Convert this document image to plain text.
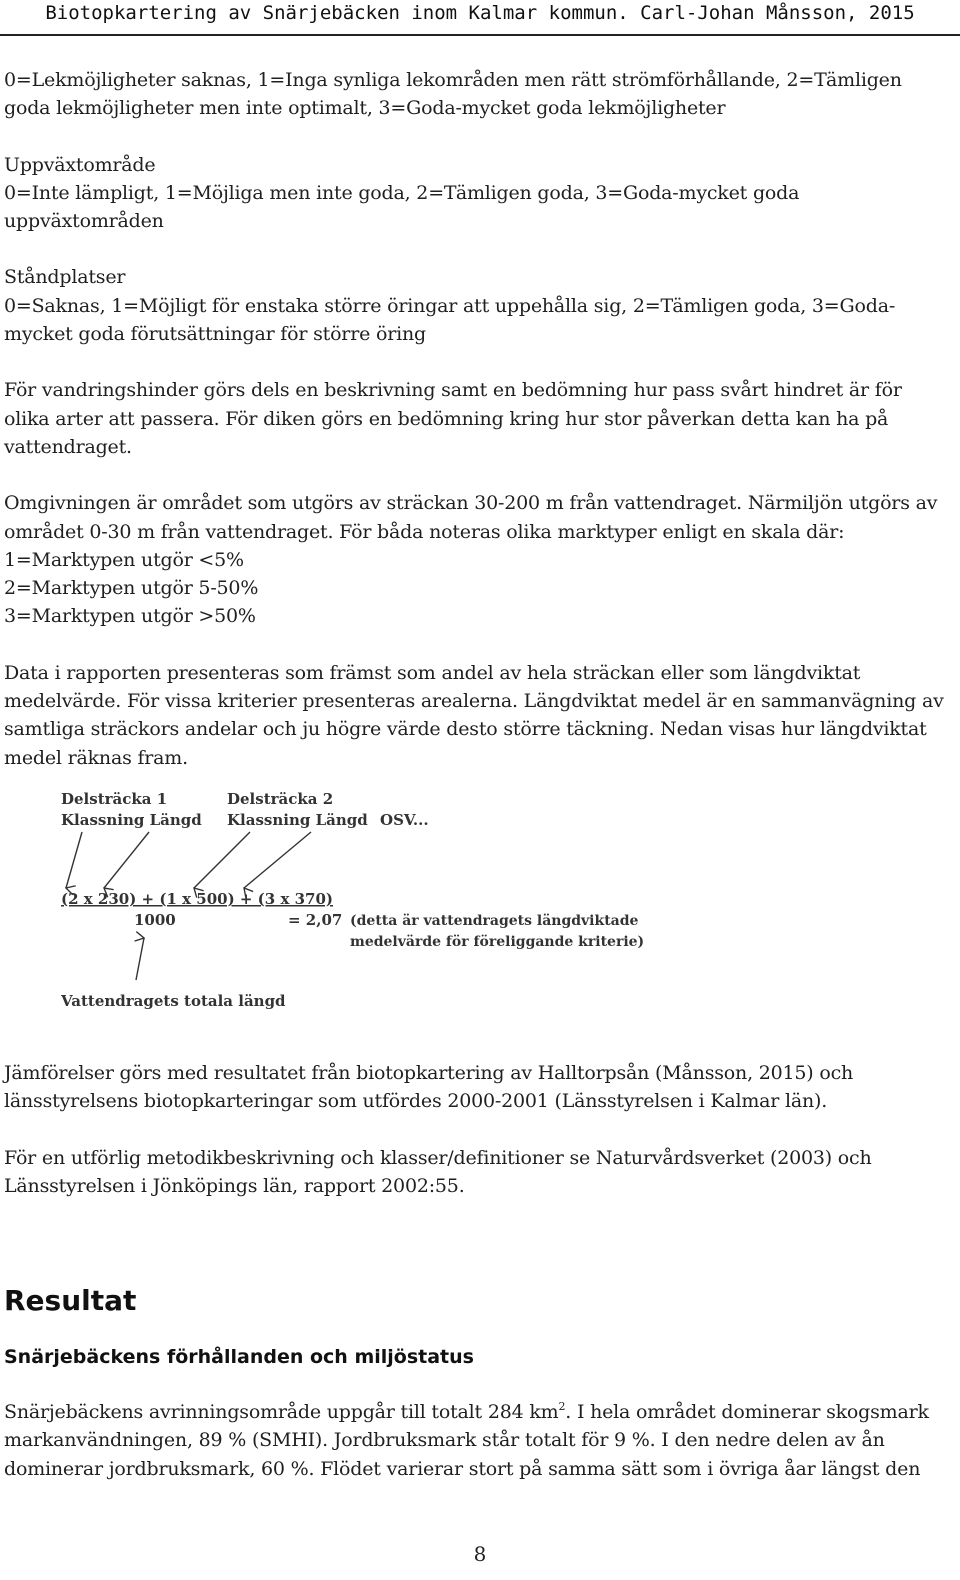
Biotopkartering av Snärjebäcken inom Kalmar kommun. Carl-Johan Månsson, 2015

0=Lekmöjligheter saknas, 1=Inga synliga lekområden men rätt strömförhållande, 2=Tämligen goda lekmöjligheter men inte optimalt, 3=Goda-mycket goda lekmöjligheter

Uppväxtområde

0=Inte lämpligt, 1=Möjliga men inte goda, 2=Tämligen goda, 3=Goda-mycket goda uppväxtområden

Ståndplatser

0=Saknas, 1=Möjligt för enstaka större öringar att uppehålla sig, 2=Tämligen goda, 3=Goda-mycket goda förutsättningar för större öring

För vandringshinder görs dels en beskrivning samt en bedömning hur pass svårt hindret är för olika arter att passera. För diken görs en bedömning kring hur stor påverkan detta kan ha på vattendraget.

Omgivningen är området som utgörs av sträckan 30-200 m från vattendraget. Närmiljön utgörs av området 0-30 m från vattendraget. För båda noteras olika marktyper enligt en skala där:

1=Marktypen utgör <5%

2=Marktypen utgör 5-50%

3=Marktypen utgör >50%

Data i rapporten presenteras som främst som andel av hela sträckan eller som längdviktat medelvärde. För vissa kriterier presenteras arealerna. Längdviktat medel är en sammanvägning av samtliga sträckors andelar och ju högre värde desto större täckning. Nedan visas hur längdviktat medel räknas fram.

Delsträcka 1
Klassning Längd
Delsträcka 2
Klassning Längd OSV...
(2 x 230) + (1 x 500) + (3 x 370)
1000	= 2,07 (detta är vattendragets längdviktade
medelvärde för föreliggande kriterie)
Vattendragets totala längd

Jämförelser görs med resultatet från biotopkartering av Halltorpsån (Månsson, 2015) och länsstyrelsens biotopkarteringar som utfördes 2000-2001 (Länsstyrelsen i Kalmar län).

För en utförlig metodikbeskrivning och klasser/definitioner se Naturvårdsverket (2003) och Länsstyrelsen i Jönköpings län, rapport 2002:55.

Resultat
Snärjebäckens förhållanden och miljöstatus

Snärjebäckens avrinningsområde uppgår till totalt 284 $km^2$. I hela området dominerar skogsmark markanvändningen, 89 % (SMHI). Jordbruksmark står totalt för 9 %. I den nedre delen av ån dominerar jordbruksmark, 60 %. Flödet varierar stort på samma sätt som i övriga åar längst den

8
